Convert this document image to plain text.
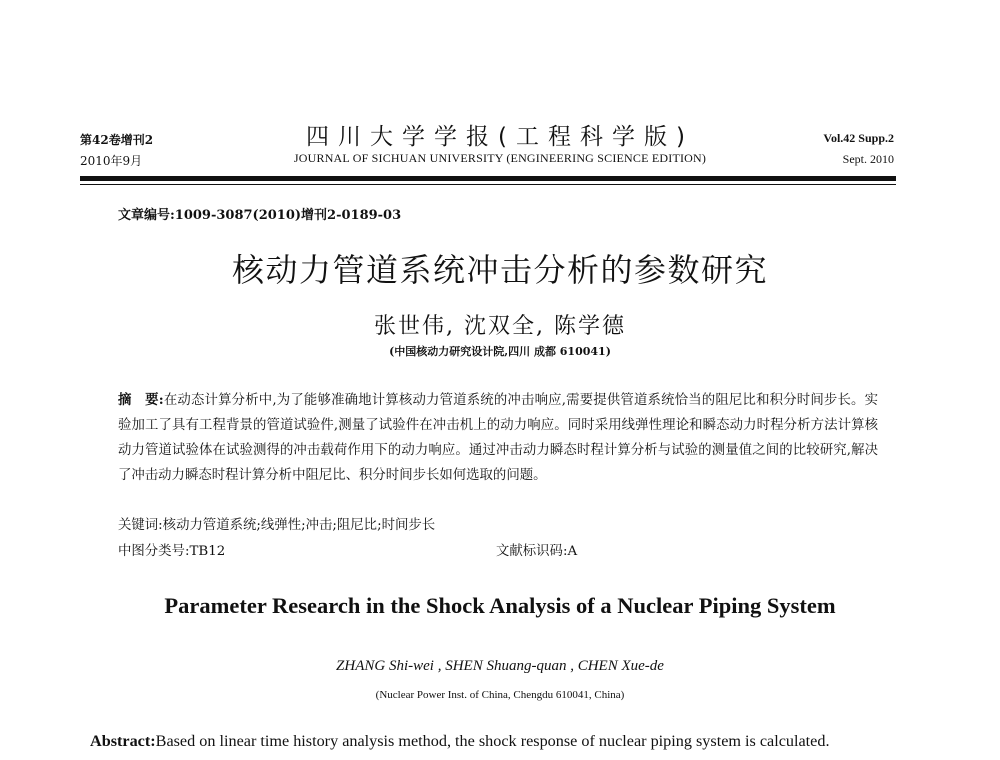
第42卷增刊2
2010年9月
四川大学学报(工程科学版)
JOURNAL OF SICHUAN UNIVERSITY (ENGINEERING SCIENCE EDITION)
Vol.42 Supp.2
Sept. 2010
文章编号:1009-3087(2010)增刊2-0189-03
核动力管道系统冲击分析的参数研究
张世伟, 沈双全, 陈学德
(中国核动力研究设计院,四川 成都 610041)
摘　要:在动态计算分析中,为了能够准确地计算核动力管道系统的冲击响应,需要提供管道系统恰当的阻尼比和积分时间步长。实验加工了具有工程背景的管道试验件,测量了试验件在冲击机上的动力响应。同时采用线弹性理论和瞬态动力时程分析方法计算核动力管道试验体在试验测得的冲击载荷作用下的动力响应。通过冲击动力瞬态时程计算分析与试验的测量值之间的比较研究,解决了冲击动力瞬态时程计算分析中阻尼比、积分时间步长如何选取的问题。
关键词:核动力管道系统;线弹性;冲击;阻尼比;时间步长
中图分类号:TB12	文献标识码:A
Parameter Research in the Shock Analysis of a Nuclear Piping System
ZHANG Shi-wei , SHEN Shuang-quan , CHEN Xue-de
(Nuclear Power Inst. of China, Chengdu 610041, China)
Abstract:Based on linear time history analysis method, the shock response of nuclear piping system is calculated.
